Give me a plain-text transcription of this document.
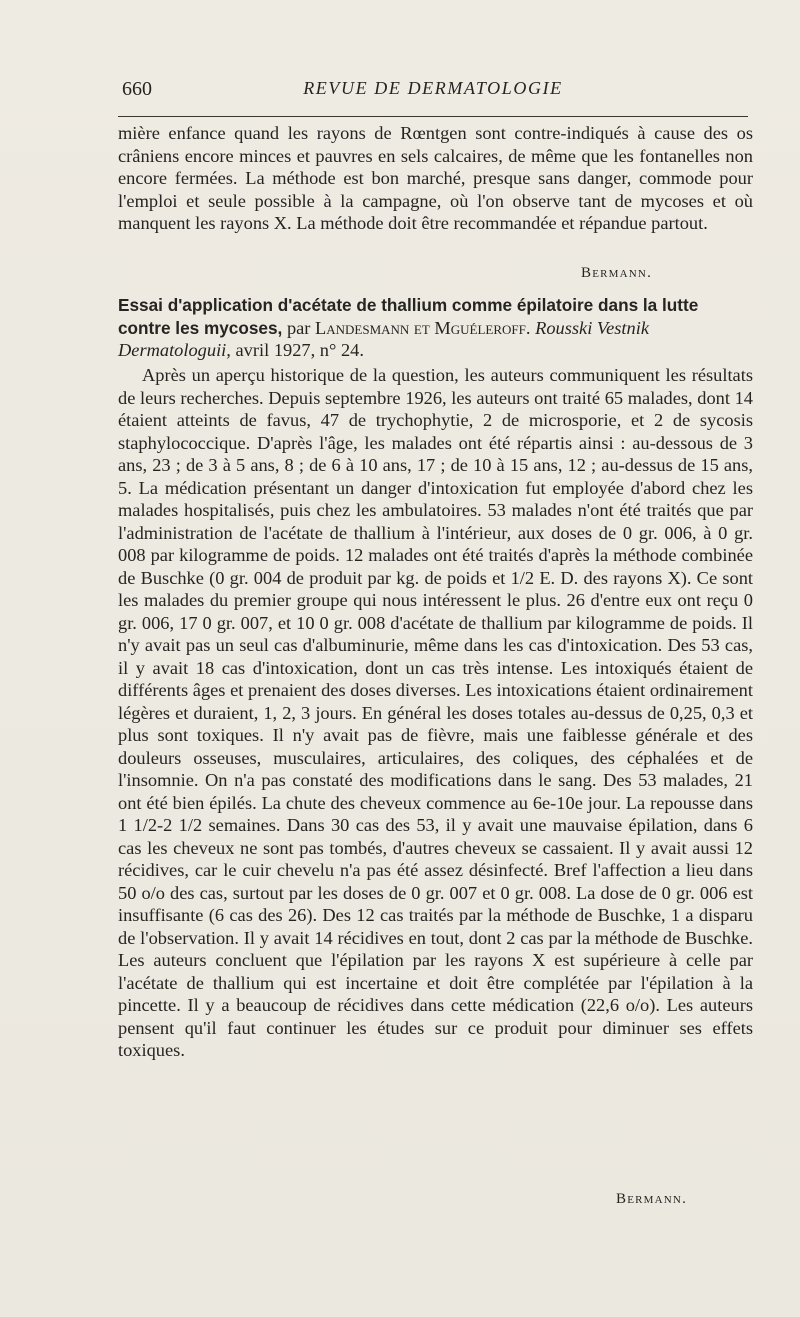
660	REVUE DE DERMATOLOGIE

mière enfance quand les rayons de Rœntgen sont contre-indiqués à cause des os crâniens encore minces et pauvres en sels calcaires, de même que les fontanelles non encore fermées. La méthode est bon marché, presque sans danger, commode pour l'emploi et seule possible à la campagne, où l'on observe tant de mycoses et où manquent les rayons X. La méthode doit être recommandée et répandue partout.

Bermann.
Essai d'application d'acétate de thallium comme épilatoire dans la lutte contre les mycoses, par Landesmann et Mguéleroff. Rousski Vestnik Dermatologuii, avril 1927, n° 24.

Après un aperçu historique de la question, les auteurs communiquent les résultats de leurs recherches. Depuis septembre 1926, les auteurs ont traité 65 malades, dont 14 étaient atteints de favus, 47 de trychophytie, 2 de microsporie, et 2 de sycosis staphylococcique. D'après l'âge, les malades ont été répartis ainsi : au-dessous de 3 ans, 23 ; de 3 à 5 ans, 8 ; de 6 à 10 ans, 17 ; de 10 à 15 ans, 12 ; au-dessus de 15 ans, 5. La médication présentant un danger d'intoxication fut employée d'abord chez les malades hospitalisés, puis chez les ambulatoires. 53 malades n'ont été traités que par l'administration de l'acétate de thallium à l'intérieur, aux doses de 0 gr. 006, à 0 gr. 008 par kilogramme de poids. 12 malades ont été traités d'après la méthode combinée de Buschke (0 gr. 004 de produit par kg. de poids et 1/2 E. D. des rayons X). Ce sont les malades du premier groupe qui nous intéressent le plus. 26 d'entre eux ont reçu 0 gr. 006, 17 0 gr. 007, et 10 0 gr. 008 d'acétate de thallium par kilogramme de poids. Il n'y avait pas un seul cas d'albuminurie, même dans les cas d'intoxication. Des 53 cas, il y avait 18 cas d'intoxication, dont un cas très intense. Les intoxiqués étaient de différents âges et prenaient des doses diverses. Les intoxications étaient ordinairement légères et duraient, 1, 2, 3 jours. En général les doses totales au-dessus de 0,25, 0,3 et plus sont toxiques. Il n'y avait pas de fièvre, mais une faiblesse générale et des douleurs osseuses, musculaires, articulaires, des coliques, des céphalées et de l'insomnie. On n'a pas constaté des modifications dans le sang. Des 53 malades, 21 ont été bien épilés. La chute des cheveux commence au 6e-10e jour. La repousse dans 1 1/2-2 1/2 semaines. Dans 30 cas des 53, il y avait une mauvaise épilation, dans 6 cas les cheveux ne sont pas tombés, d'autres cheveux se cassaient. Il y avait aussi 12 récidives, car le cuir chevelu n'a pas été assez désinfecté. Bref l'affection a lieu dans 50 o/o des cas, surtout par les doses de 0 gr. 007 et 0 gr. 008. La dose de 0 gr. 006 est insuffisante (6 cas des 26). Des 12 cas traités par la méthode de Buschke, 1 a disparu de l'observation. Il y avait 14 récidives en tout, dont 2 cas par la méthode de Buschke. Les auteurs concluent que l'épilation par les rayons X est supérieure à celle par l'acétate de thallium qui est incertaine et doit être complétée par l'épilation à la pincette. Il y a beaucoup de récidives dans cette médication (22,6 o/o). Les auteurs pensent qu'il faut continuer les études sur ce produit pour diminuer ses effets toxiques.

Bermann.
